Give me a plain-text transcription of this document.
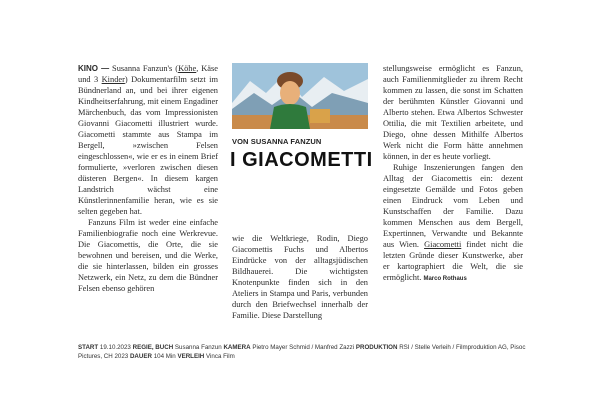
KINO — Susanna Fanzun's (Köhe, Käse und 3 Kinder) Dokumentarfilm setzt im Bündnerland an, und bei ihrer eigenen Kindheitserfahrung, mit einem Engadiner Märchenbuch, das vom Impressionisten Giovanni Giacometti illustriert wurde. Giacometti stammte aus Stampa im Bergell, »zwischen Felsen eingeschlossen«, wie er es in einem Brief formulierte, »verloren zwischen diesen düsteren Bergen«. In diesem kargen Landstrich wächst eine Künstlerinnenfamilie heran, wie es sie selten gegeben hat.

Fanzuns Film ist weder eine einfache Familienbiografie noch eine Werkrevue. Die Giacomettis, die Orte, die sie bewohnen und bereisen, und die Werke, die sie hinterlassen, bilden ein grosses Netzwerk, ein Netz, zu dem die Bündner Felsen ebenso gehören

VON SUSANNA FANZUN
I GIACOMETTI

wie die Weltkriege, Rodin, Diego Giacomettis Fuchs und Albertos Eindrücke von der alltagsjüdischen Bildhauerei. Die wichtigsten Knotenpunkte finden sich in den Ateliers in Stampa und Paris, verbunden durch den Briefwechsel innerhalb der Familie. Diese Darstellung

stellungsweise ermöglicht es Fanzun, auch Familienmitglieder zu ihrem Recht kommen zu lassen, die sonst im Schatten der berühmten Künstler Giovanni und Alberto stehen. Etwa Albertos Schwester Ottilia, die mit Textilien arbeitete, und Diego, ohne dessen Mithilfe Albertos Werk nicht die Form hätte annehmen können, in der es heute vorliegt.

Ruhige Inszenierungen fangen den Alltag der Giacomettis ein: dezent eingesetzte Gemälde und Fotos geben einen Eindruck vom Leben und Kunstschaffen der Familie. Dazu kommen Menschen aus dem Bergell, Expertinnen, Verwandte und Bekannte aus Wien. Giacometti findet nicht die letzten Gründe dieser Kunstwerke, aber er kartographiert die Welt, die sie ermöglicht. Marco Rothaus

START 19.10.2023 REGIE, BUCH Susanna Fanzun KAMERA Pietro Mayer Schmid / Manfred Zazzi PRODUKTION RSI / Stelle Verleih / Filmproduktion AG, Pisoc Pictures, CH 2023 DAUER 104 Min VERLEIH Vinca Film
